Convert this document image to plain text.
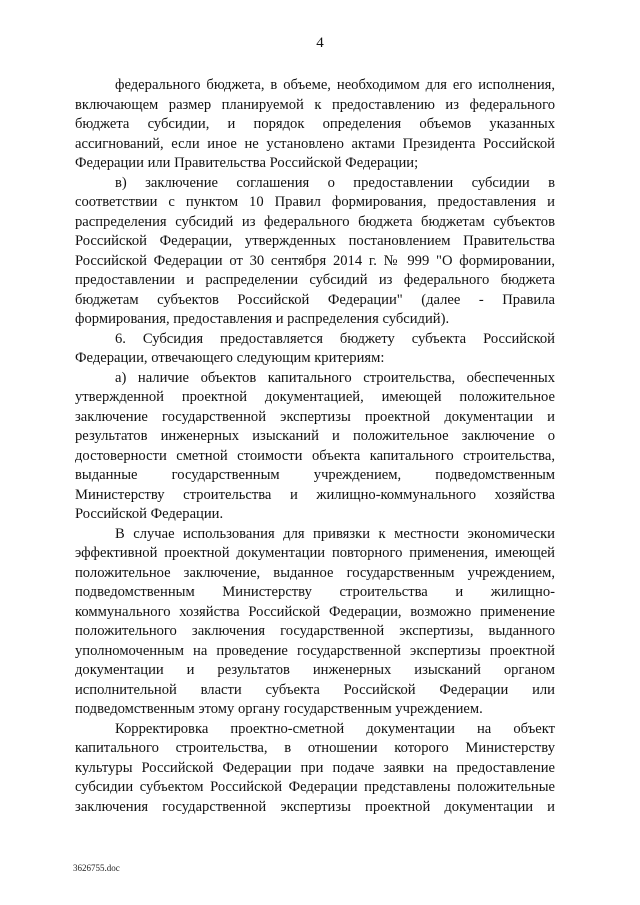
4
федерального бюджета, в объеме, необходимом для его исполнения,
включающем размер планируемой к предоставлению из федерального
бюджета субсидии, и порядок определения объемов указанных
ассигнований, если иное не установлено актами Президента Российской
Федерации или Правительства Российской Федерации;
в) заключение соглашения о предоставлении субсидии в
соответствии с пунктом 10 Правил формирования, предоставления и
распределения субсидий из федерального бюджета бюджетам субъектов
Российской Федерации, утвержденных постановлением Правительства
Российской Федерации от 30 сентября 2014 г. № 999 "О формировании,
предоставлении и распределении субсидий из федерального бюджета
бюджетам субъектов Российской Федерации" (далее - Правила
формирования, предоставления и распределения субсидий).
6. Субсидия предоставляется бюджету субъекта Российской
Федерации, отвечающего следующим критериям:
а) наличие объектов капитального строительства, обеспеченных
утвержденной проектной документацией, имеющей положительное
заключение государственной экспертизы проектной документации и
результатов инженерных изысканий и положительное заключение о
достоверности сметной стоимости объекта капитального строительства,
выданные государственным учреждением, подведомственным
Министерству строительства и жилищно-коммунального хозяйства
Российской Федерации.
В случае использования для привязки к местности экономически
эффективной проектной документации повторного применения, имеющей
положительное заключение, выданное государственным учреждением,
подведомственным Министерству строительства и жилищно-
коммунального хозяйства Российской Федерации, возможно применение
положительного заключения государственной экспертизы, выданного
уполномоченным на проведение государственной экспертизы проектной
документации и результатов инженерных изысканий органом
исполнительной власти субъекта Российской Федерации или
подведомственным этому органу государственным учреждением.
Корректировка проектно-сметной документации на объект
капитального строительства, в отношении которого Министерству
культуры Российской Федерации при подаче заявки на предоставление
субсидии субъектом Российской Федерации представлены положительные
заключения государственной экспертизы проектной документации и
3626755.doc
